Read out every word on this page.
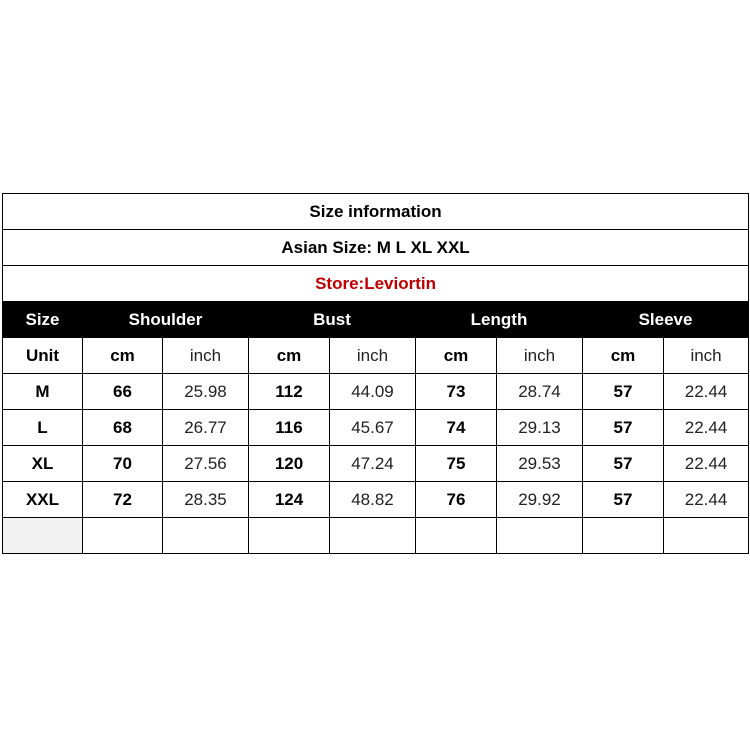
Size information								
Asian Size: M L XL XXL								
Store:Leviortin								
Size	Shoulder		Bust		Length		Sleeve	
Unit	cm	inch	cm	inch	cm	inch	cm	inch
M	66	25.98	112	44.09	73	28.74	57	22.44
L	68	26.77	116	45.67	74	29.13	57	22.44
XL	70	27.56	120	47.24	75	29.53	57	22.44
XXL	72	28.35	124	48.82	76	29.92	57	22.44
